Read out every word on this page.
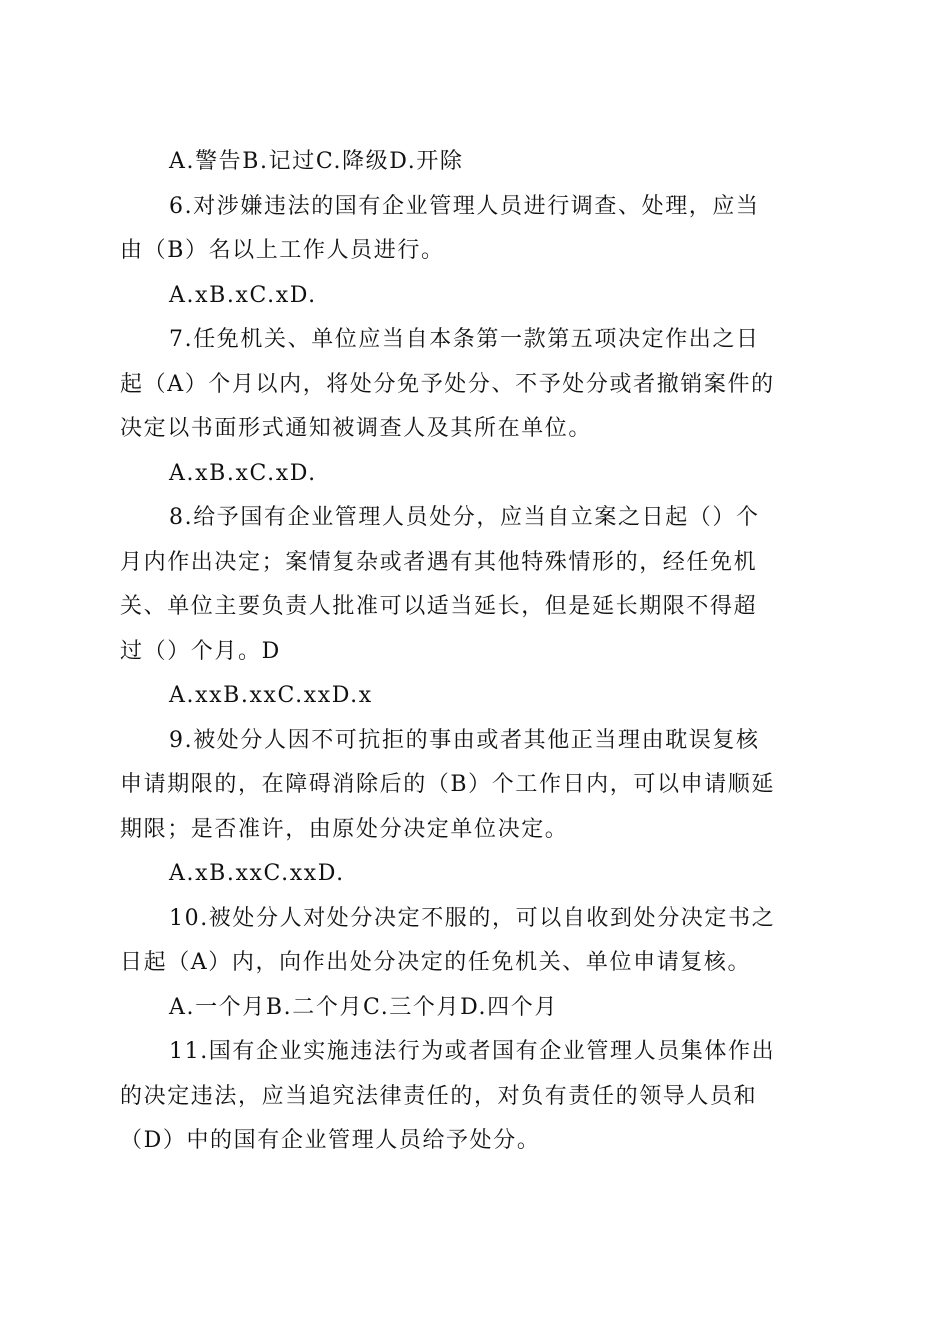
A.警告B.记过C.降级D.开除
6.对涉嫌违法的国有企业管理人员进行调查、处理，应当
由（B）名以上工作人员进行。
A.xB.xC.xD.
7.任免机关、单位应当自本条第一款第五项决定作出之日
起（A）个月以内，将处分免予处分、不予处分或者撤销案件的
决定以书面形式通知被调查人及其所在单位。
A.xB.xC.xD.
8.给予国有企业管理人员处分，应当自立案之日起（）个
月内作出决定；案情复杂或者遇有其他特殊情形的，经任免机
关、单位主要负责人批准可以适当延长，但是延长期限不得超
过（）个月。D
A.xxB.xxC.xxD.x
9.被处分人因不可抗拒的事由或者其他正当理由耽误复核
申请期限的，在障碍消除后的（B）个工作日内，可以申请顺延
期限；是否准许，由原处分决定单位决定。
A.xB.xxC.xxD.
10.被处分人对处分决定不服的，可以自收到处分决定书之
日起（A）内，向作出处分决定的任免机关、单位申请复核。
A.一个月B.二个月C.三个月D.四个月
11.国有企业实施违法行为或者国有企业管理人员集体作出
的决定违法，应当追究法律责任的，对负有责任的领导人员和
（D）中的国有企业管理人员给予处分。
